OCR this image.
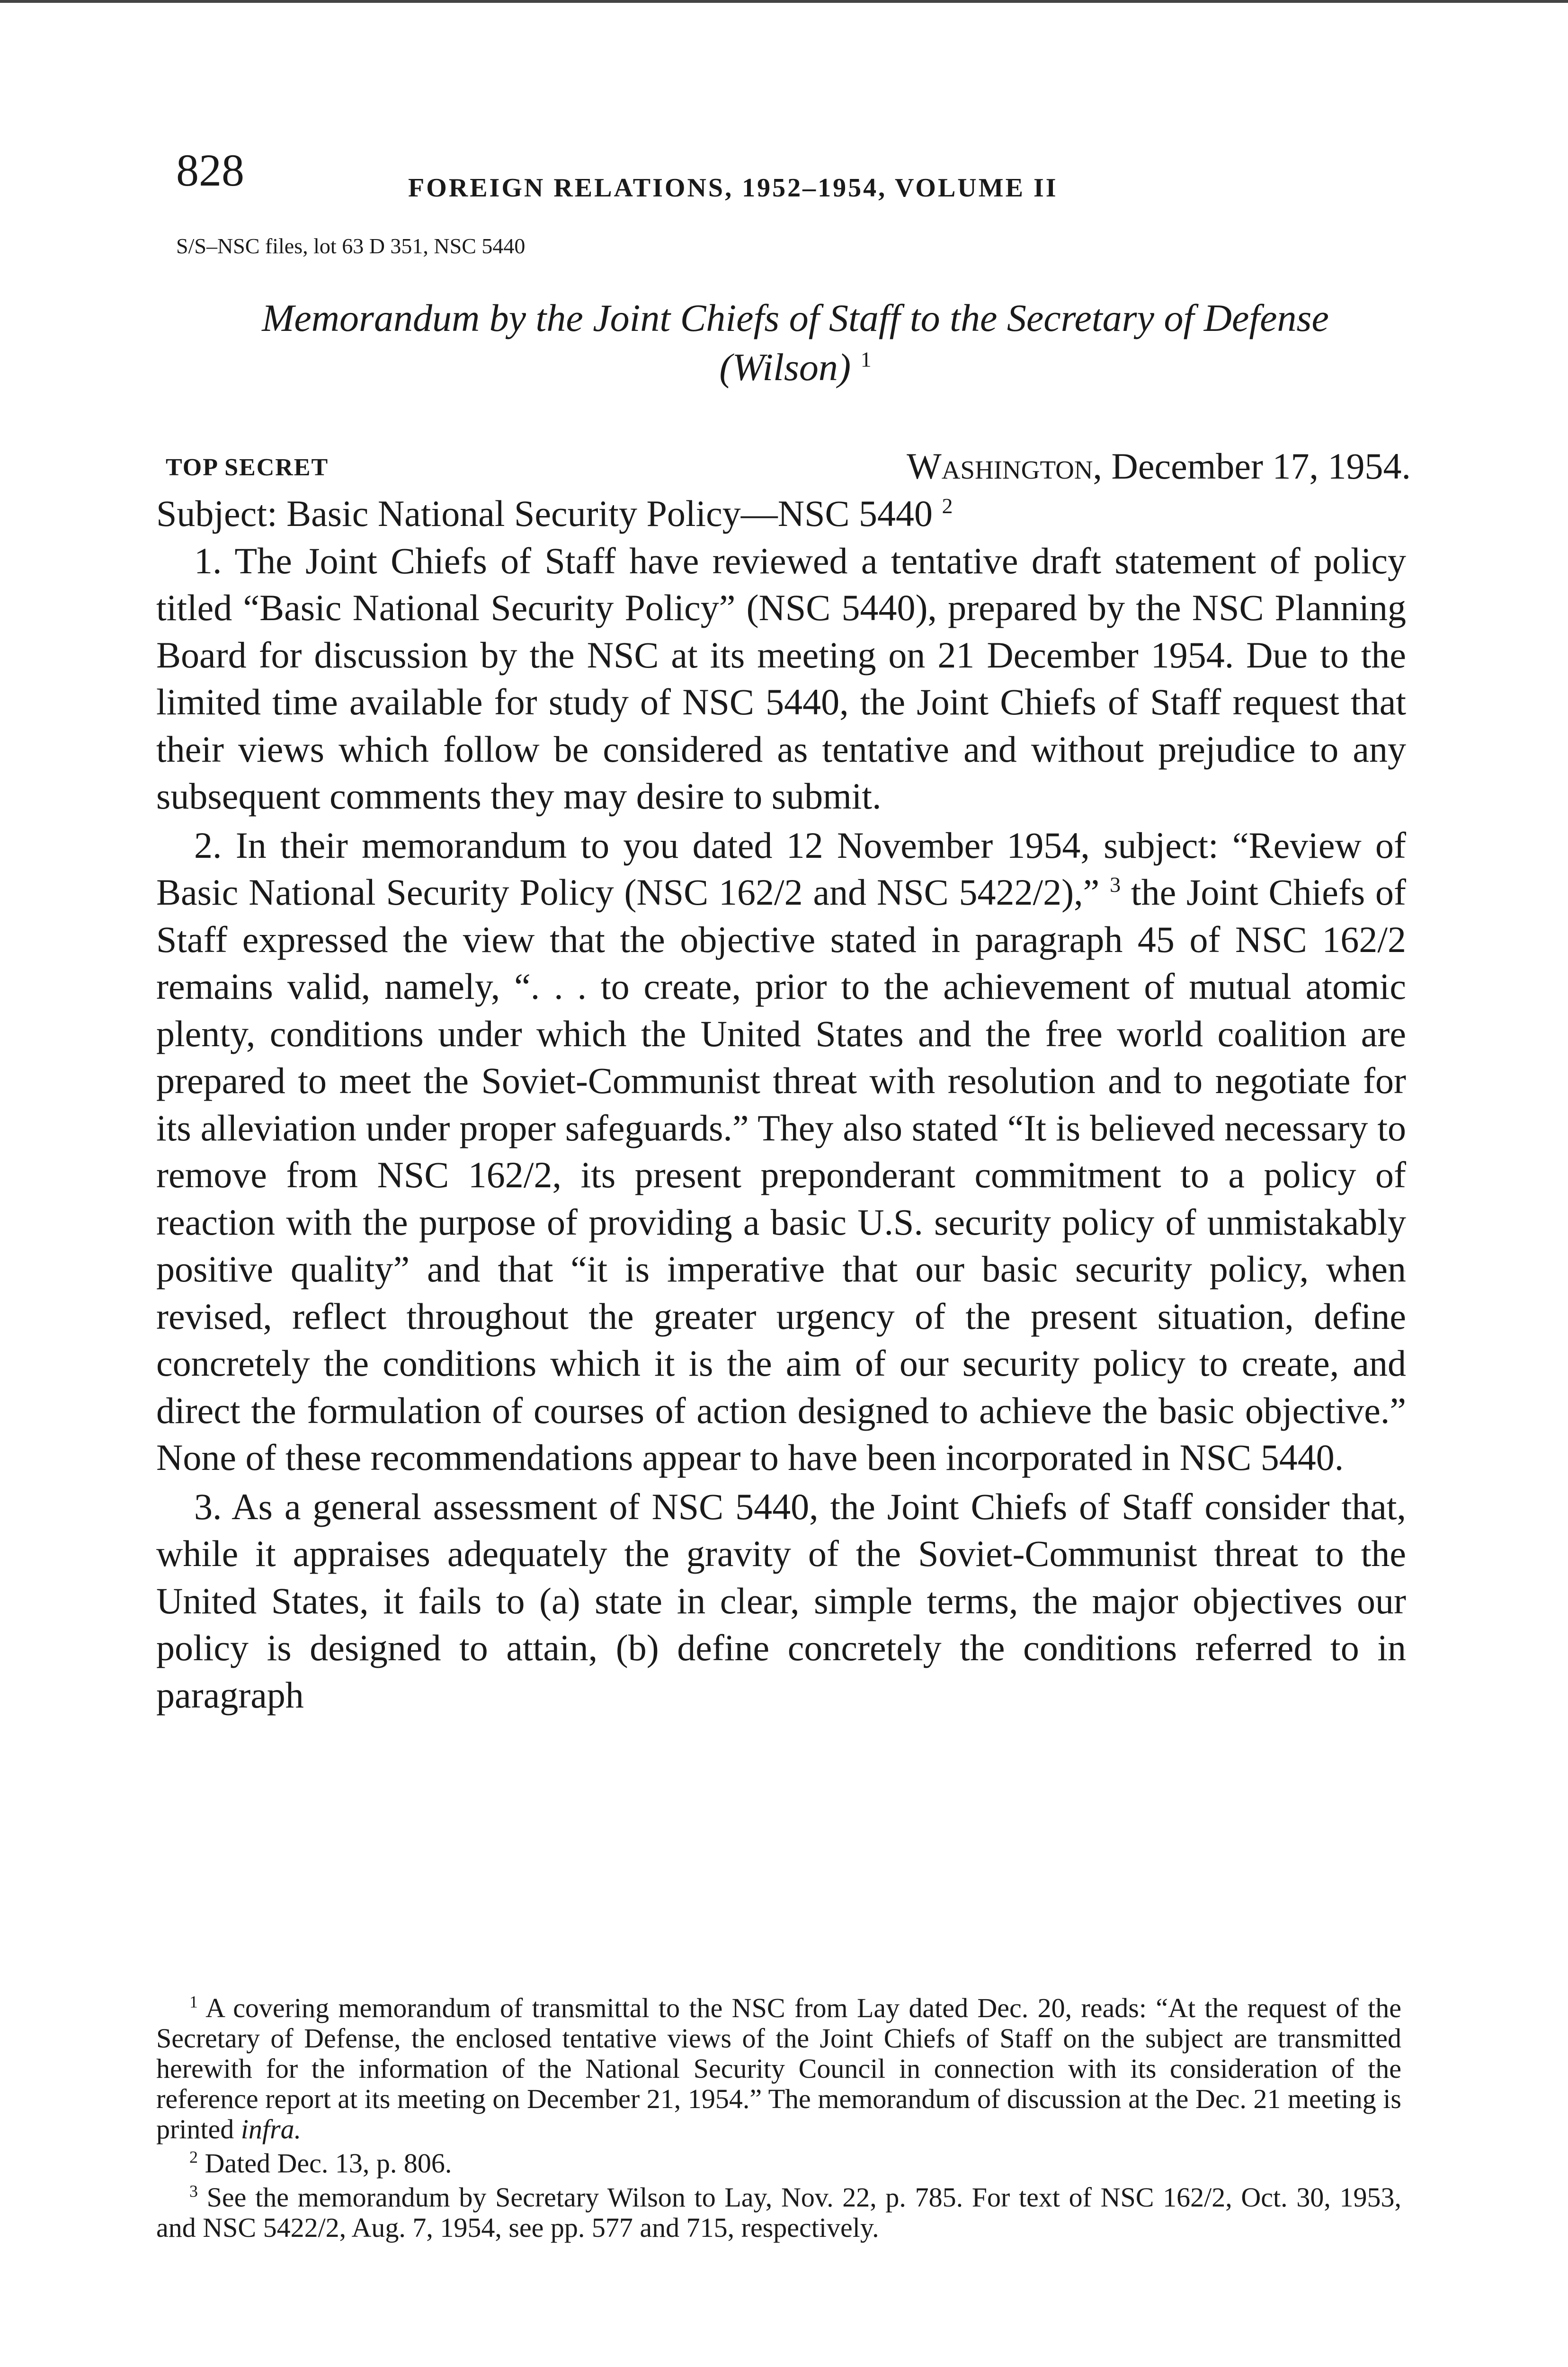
828	FOREIGN RELATIONS, 1952–1954, VOLUME II
S/S–NSC files, lot 63 D 351, NSC 5440
Memorandum by the Joint Chiefs of Staff to the Secretary of Defense (Wilson) $^1$
TOP SECRET	Washington, December 17, 1954.

Subject: Basic National Security Policy—NSC 5440 $^2$

1. The Joint Chiefs of Staff have reviewed a tentative draft statement of policy titled “Basic National Security Policy” (NSC 5440), prepared by the NSC Planning Board for discussion by the NSC at its meeting on 21 December 1954. Due to the limited time available for study of NSC 5440, the Joint Chiefs of Staff request that their views which follow be considered as tentative and without prejudice to any subsequent comments they may desire to submit.

2. In their memorandum to you dated 12 November 1954, subject: “Review of Basic National Security Policy (NSC 162/2 and NSC 5422/2),” $^3$ the Joint Chiefs of Staff expressed the view that the objective stated in paragraph 45 of NSC 162/2 remains valid, namely, “. . . to create, prior to the achievement of mutual atomic plenty, conditions under which the United States and the free world coalition are prepared to meet the Soviet-Communist threat with resolution and to negotiate for its alleviation under proper safeguards.” They also stated “It is believed necessary to remove from NSC 162/2, its present preponderant commitment to a policy of reaction with the purpose of providing a basic U.S. security policy of unmistakably positive quality” and that “it is imperative that our basic security policy, when revised, reflect throughout the greater urgency of the present situation, define concretely the conditions which it is the aim of our security policy to create, and direct the formulation of courses of action designed to achieve the basic objective.” None of these recommendations appear to have been incorporated in NSC 5440.

3. As a general assessment of NSC 5440, the Joint Chiefs of Staff consider that, while it appraises adequately the gravity of the Soviet-Communist threat to the United States, it fails to (a) state in clear, simple terms, the major objectives our policy is designed to attain, (b) define concretely the conditions referred to in paragraph

$^1$ A covering memorandum of transmittal to the NSC from Lay dated Dec. 20, reads: “At the request of the Secretary of Defense, the enclosed tentative views of the Joint Chiefs of Staff on the subject are transmitted herewith for the information of the National Security Council in connection with its consideration of the reference report at its meeting on December 21, 1954.” The memorandum of discussion at the Dec. 21 meeting is printed infra.

$^2$ Dated Dec. 13, p. 806.

$^3$ See the memorandum by Secretary Wilson to Lay, Nov. 22, p. 785. For text of NSC 162/2, Oct. 30, 1953, and NSC 5422/2, Aug. 7, 1954, see pp. 577 and 715, respectively.
